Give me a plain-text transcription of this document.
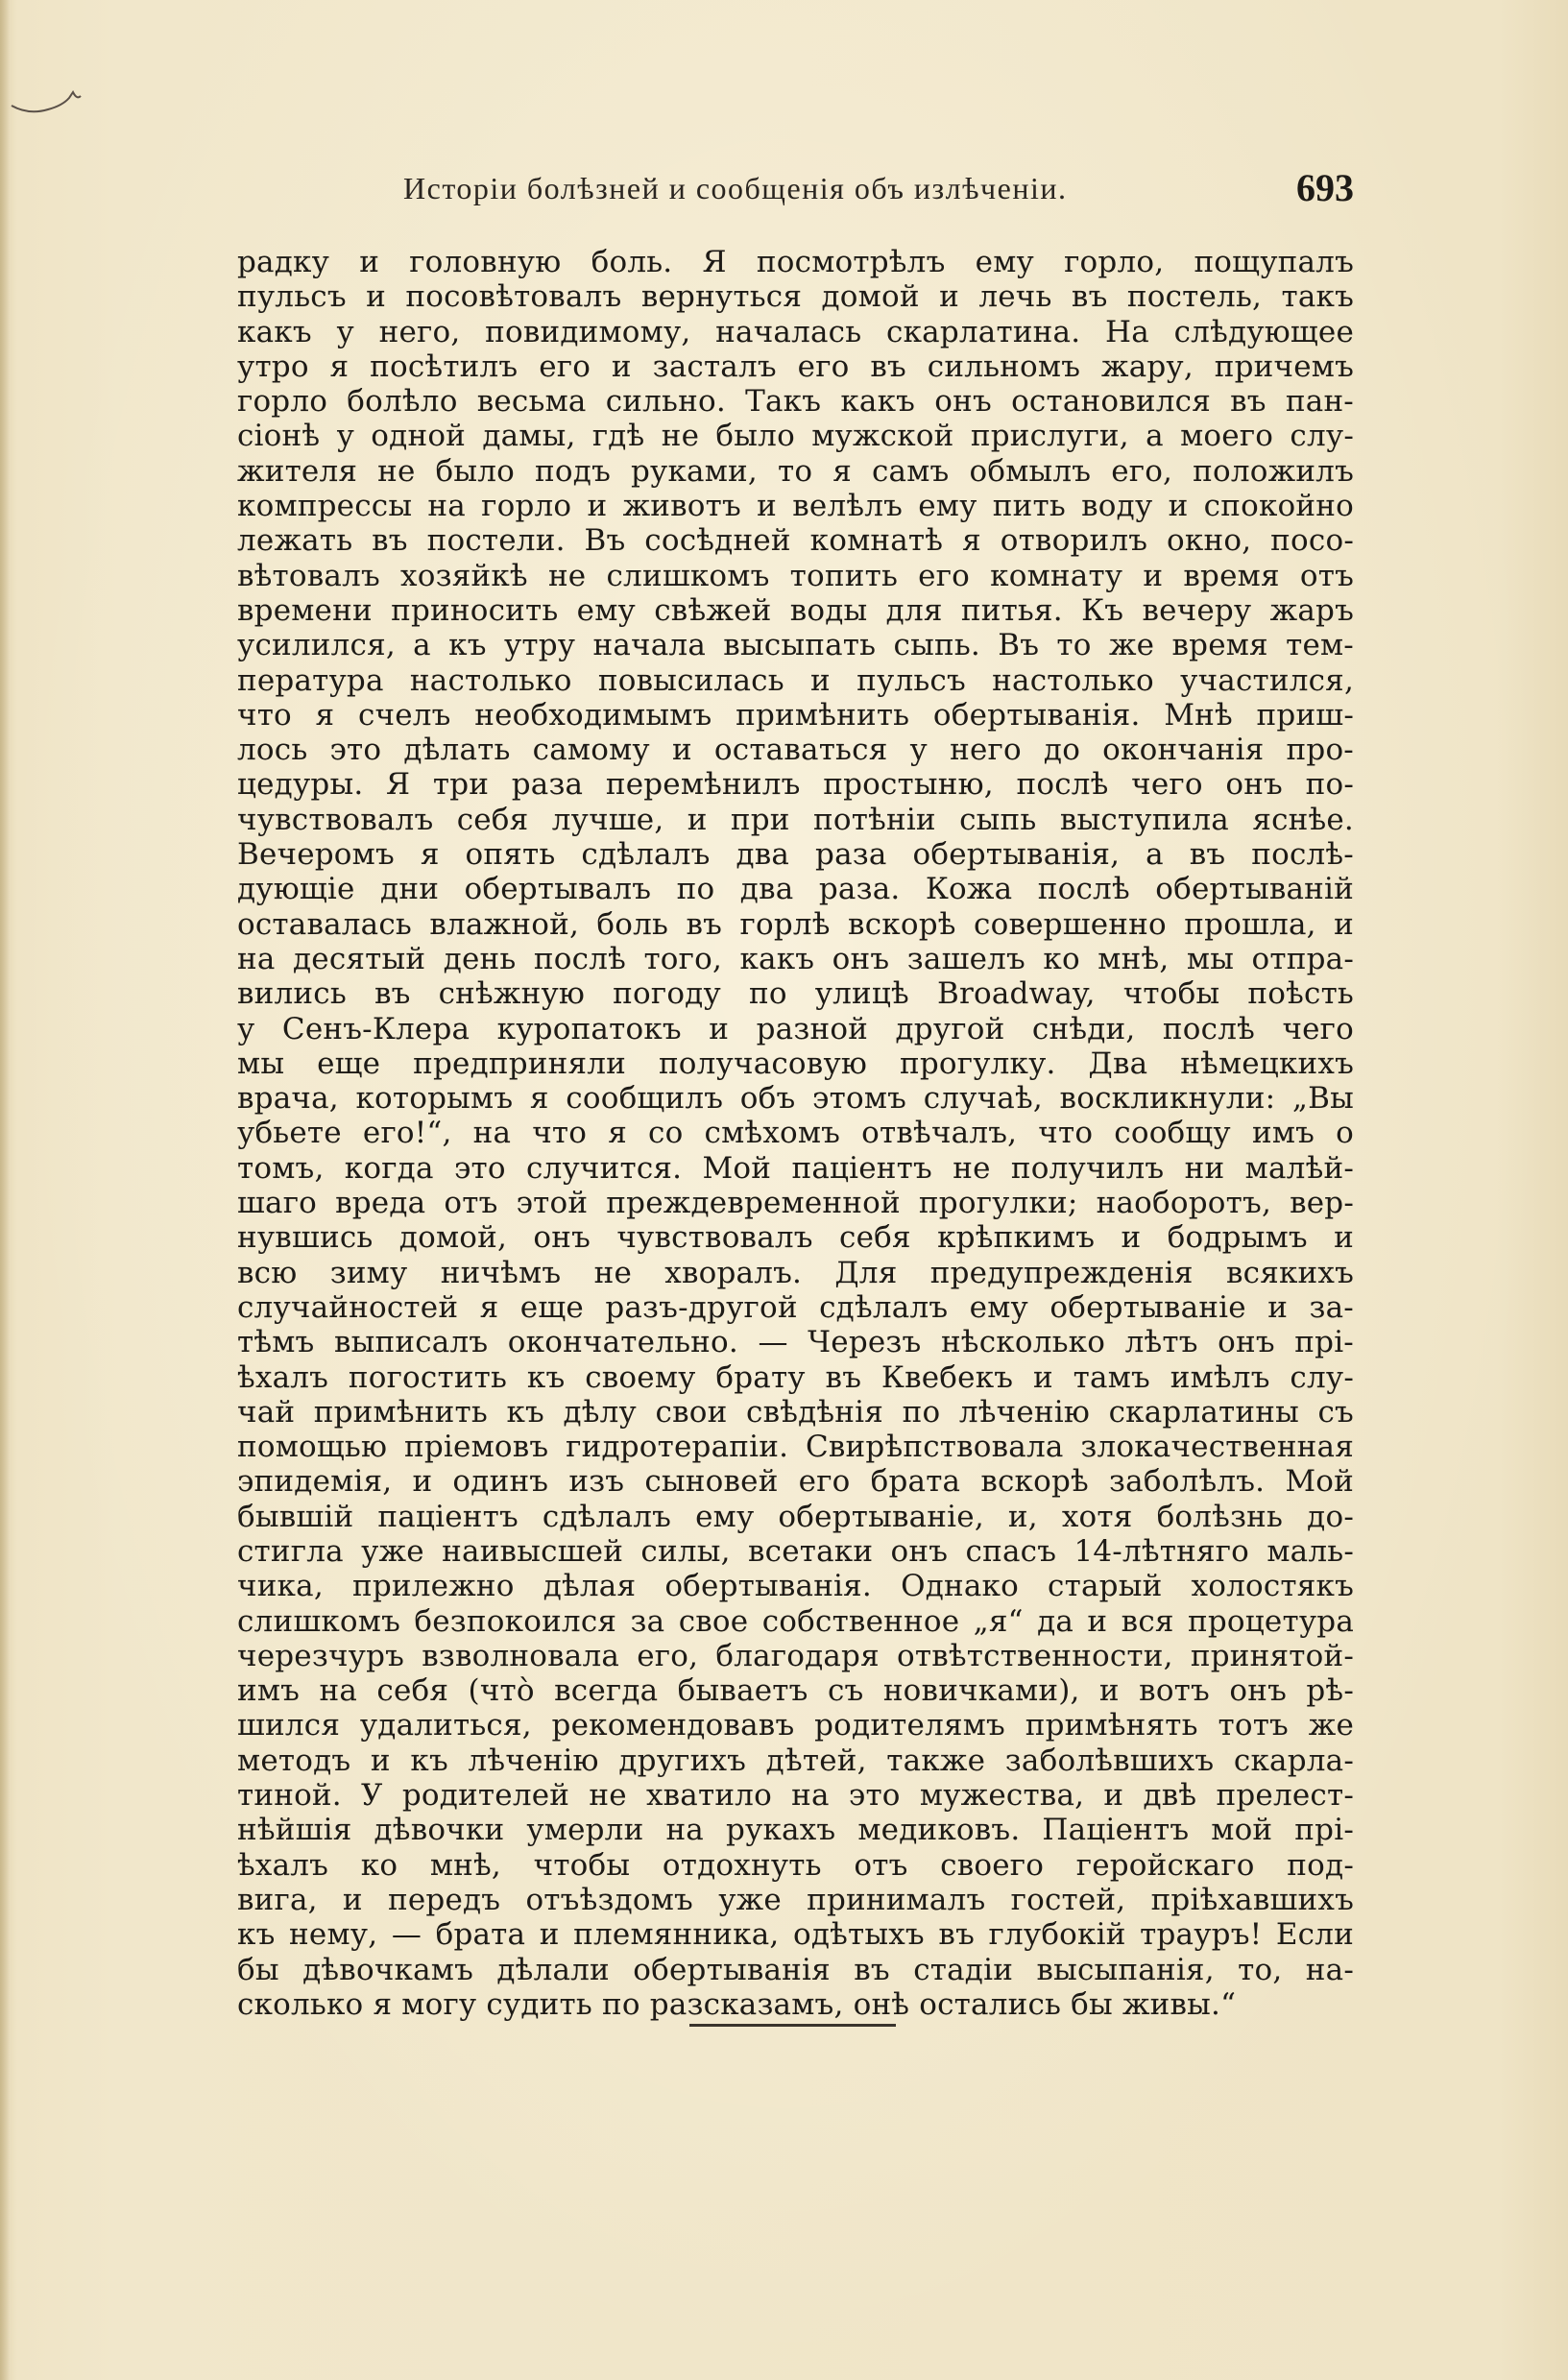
Исторiи болѣзней и сообщенiя объ излѣченiи.	693
радку и головную боль. Я посмотрѣлъ ему горло, пощупалъ
пульсъ и посовѣтовалъ вернуться домой и лечь въ постель, такъ
какъ у него, повидимому, началась скарлатина. На слѣдующее
утро я посѣтилъ его и засталъ его въ сильномъ жару, причемъ
горло болѣло весьма сильно. Такъ какъ онъ остановился въ пан-
сiонѣ у одной дамы, гдѣ не было мужской прислуги, а моего слу-
жителя не было подъ руками, то я самъ обмылъ его, положилъ
компрессы на горло и животъ и велѣлъ ему пить воду и спокойно
лежать въ постели. Въ сосѣдней комнатѣ я отворилъ окно, посо-
вѣтовалъ хозяйкѣ не слишкомъ топить его комнату и время отъ
времени приносить ему свѣжей воды для питья. Къ вечеру жаръ
усилился, а къ утру начала высыпать сыпь. Въ то же время тем-
пература настолько повысилась и пульсъ настолько участился,
что я счелъ необходимымъ примѣнить обертыванiя. Мнѣ приш-
лось это дѣлать самому и оставаться у него до окончанiя про-
цедуры. Я три раза перемѣнилъ простыню, послѣ чего онъ по-
чувствовалъ себя лучше, и при потѣнiи сыпь выступила яснѣе.
Вечеромъ я опять сдѣлалъ два раза обертыванiя, а въ послѣ-
дующiе дни обертывалъ по два раза. Кожа послѣ обертыванiй
оставалась влажной, боль въ горлѣ вскорѣ совершенно прошла, и
на десятый день послѣ того, какъ онъ зашелъ ко мнѣ, мы отпра-
вились въ снѣжную погоду по улицѣ Broadway, чтобы поѣсть
у Сенъ-Клера куропатокъ и разной другой снѣди, послѣ чего
мы еще предприняли получасовую прогулку. Два нѣмецкихъ
врача, которымъ я сообщилъ объ этомъ случаѣ, воскликнули: „Вы
убьете его!“, на что я со смѣхомъ отвѣчалъ, что сообщу имъ о
томъ, когда это случится. Мой пацiентъ не получилъ ни малѣй-
шаго вреда отъ этой преждевременной прогулки; наоборотъ, вер-
нувшись домой, онъ чувствовалъ себя крѣпкимъ и бодрымъ и
всю зиму ничѣмъ не хворалъ. Для предупрежденiя всякихъ
случайностей я еще разъ-другой сдѣлалъ ему обертыванiе и за-
тѣмъ выписалъ окончательно. — Черезъ нѣсколько лѣтъ онъ прi-
ѣхалъ погостить къ своему брату въ Квебекъ и тамъ имѣлъ слу-
чай примѣнить къ дѣлу свои свѣдѣнiя по лѣченiю скарлатины съ
помощью прiемовъ гидротерапiи. Свирѣпствовала злокачественная
эпидемiя, и одинъ изъ сыновей его брата вскорѣ заболѣлъ. Мой
бывшiй пацiентъ сдѣлалъ ему обертыванiе, и, хотя болѣзнь до-
стигла уже наивысшей силы, всетаки онъ спасъ 14-лѣтняго маль-
чика, прилежно дѣлая обертыванiя. Однако старый холостякъ
слишкомъ безпокоился за свое собственное „я“ да и вся процетура
черезчуръ взволновала его, благодаря отвѣтственности, принятой-
имъ на себя (чтò всегда бываетъ съ новичками), и вотъ онъ рѣ-
шился удалиться, рекомендовавъ родителямъ примѣнять тотъ же
методъ и къ лѣченiю другихъ дѣтей, также заболѣвшихъ скарла-
тиной. У родителей не хватило на это мужества, и двѣ прелест-
нѣйшiя дѣвочки умерли на рукахъ медиковъ. Пацiентъ мой прi-
ѣхалъ ко мнѣ, чтобы отдохнуть отъ своего геройскаго под-
вига, и передъ отъѣздомъ уже принималъ гостей, прiѣхавшихъ
къ нему, — брата и племянника, одѣтыхъ въ глубокiй трауръ! Если
бы дѣвочкамъ дѣлали обертыванiя въ стадiи высыпанiя, то, на-
сколько я могу судить по разсказамъ, онѣ остались бы живы.“
